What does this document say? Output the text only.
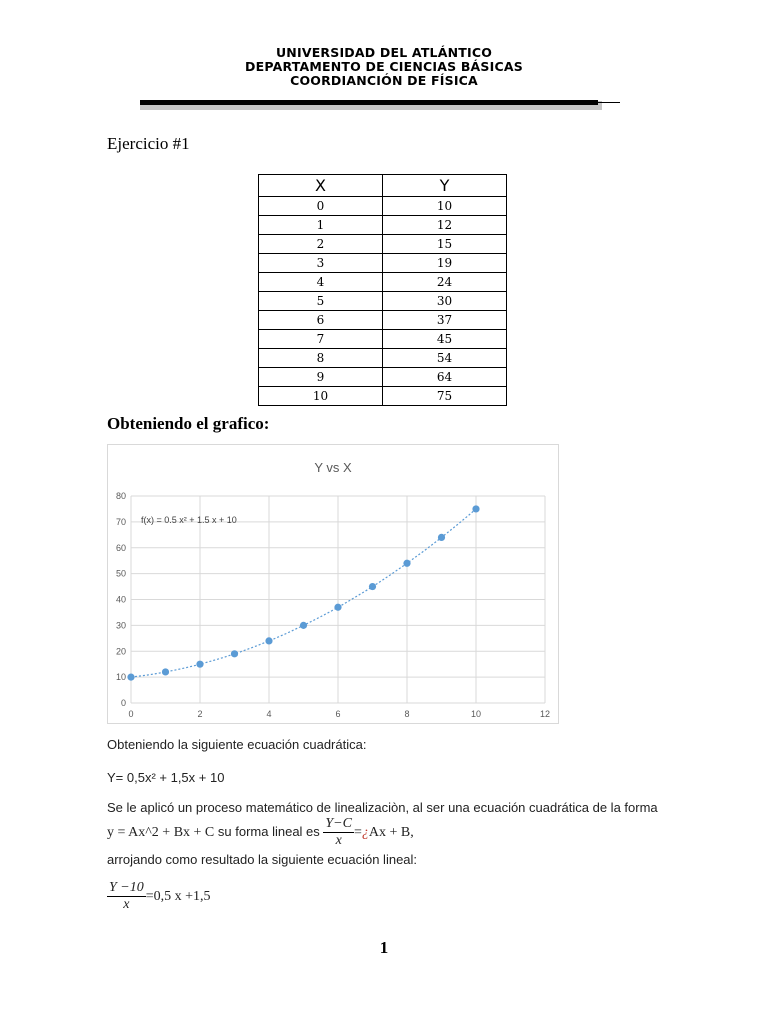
UNIVERSIDAD DEL ATLÁNTICO
DEPARTAMENTO DE CIENCIAS BÁSICAS
COORDIANCIÓN DE FÍSICA
Ejercicio #1
X	Y
0	10
1	12
2	15
3	19
4	24
5	30
6	37
7	45
8	54
9	64
10	75
Obteniendo el grafico:
0
10
20
30
40
50
60
70
80
0	2	4	6	8	10	12
Y vs X
f(x) = 0.5 x² + 1.5 x + 10
Obteniendo la siguiente ecuación cuadrática:
Y= 0,5x² + 1,5x + 10
Se le aplicó un proceso matemático de linealizaciòn, al ser una ecuación cuadrática de la forma
y = Ax^2 + Bx + C su forma lineal es $\frac{Y-C}{x}$ =¿Ax + B,
arrojando como resultado la siguiente ecuación lineal:
$\frac{Y -10}{x} =0,5$ x +1,5
1
